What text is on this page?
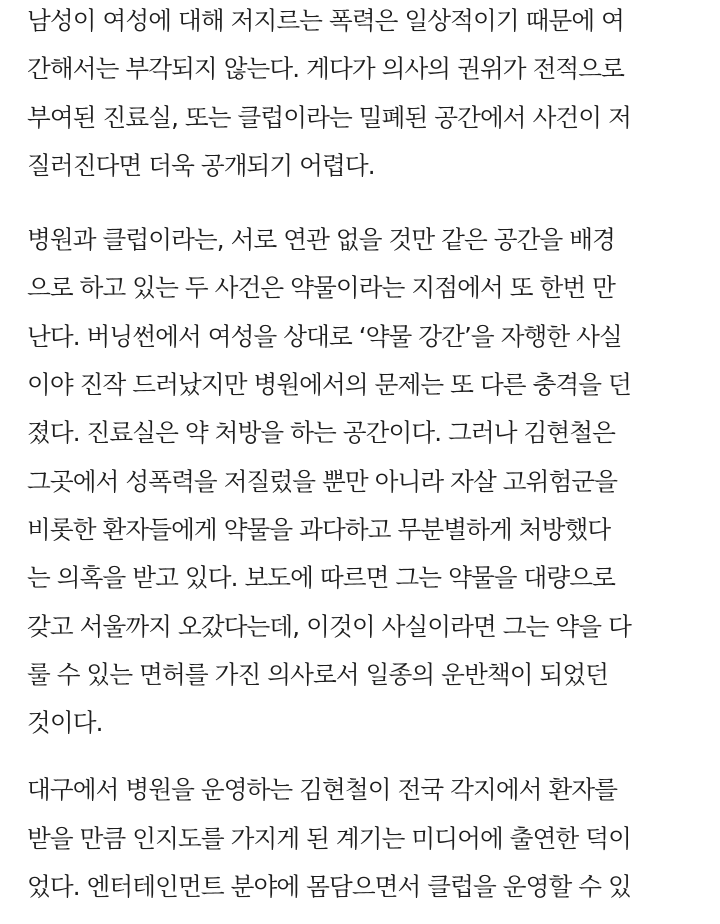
남성이 여성에 대해 저지르는 폭력은 일상적이기 때문에 여
간해서는 부각되지 않는다. 게다가 의사의 권위가 전적으로
부여된 진료실, 또는 클럽이라는 밀폐된 공간에서 사건이 저
질러진다면 더욱 공개되기 어렵다.
병원과 클럽이라는, 서로 연관 없을 것만 같은 공간을 배경
으로 하고 있는 두 사건은 약물이라는 지점에서 또 한번 만
난다. 버닝썬에서 여성을 상대로 ‘약물 강간’을 자행한 사실
이야 진작 드러났지만 병원에서의 문제는 또 다른 충격을 던
졌다. 진료실은 약 처방을 하는 공간이다. 그러나 김현철은
그곳에서 성폭력을 저질렀을 뿐만 아니라 자살 고위험군을
비롯한 환자들에게 약물을 과다하고 무분별하게 처방했다
는 의혹을 받고 있다. 보도에 따르면 그는 약물을 대량으로
갖고 서울까지 오갔다는데, 이것이 사실이라면 그는 약을 다
룰 수 있는 면허를 가진 의사로서 일종의 운반책이 되었던
것이다.
대구에서 병원을 운영하는 김현철이 전국 각지에서 환자를
받을 만큼 인지도를 가지게 된 계기는 미디어에 출연한 덕이
었다. 엔터테인먼트 분야에 몸담으면서 클럽을 운영할 수 있
